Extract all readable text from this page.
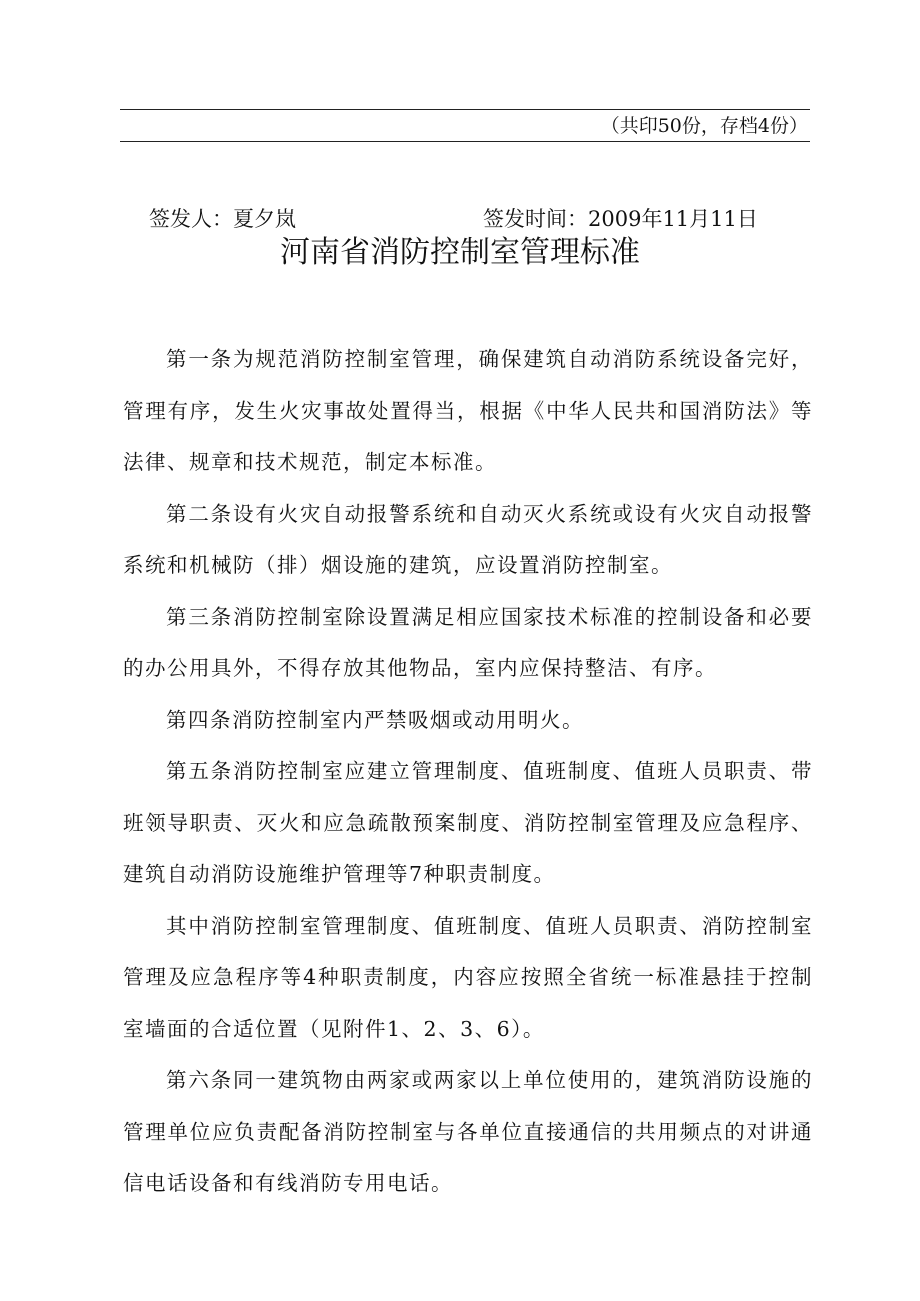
（共印50份，存档4份）
签发人：夏夕岚	签发时间：2009年11月11日
河南省消防控制室管理标准

第一条为规范消防控制室管理，确保建筑自动消防系统设备完好，管理有序，发生火灾事故处置得当，根据《中华人民共和国消防法》等法律、规章和技术规范，制定本标准。

第二条设有火灾自动报警系统和自动灭火系统或设有火灾自动报警系统和机械防（排）烟设施的建筑，应设置消防控制室。

第三条消防控制室除设置满足相应国家技术标准的控制设备和必要的办公用具外，不得存放其他物品，室内应保持整洁、有序。

第四条消防控制室内严禁吸烟或动用明火。

第五条消防控制室应建立管理制度、值班制度、值班人员职责、带班领导职责、灭火和应急疏散预案制度、消防控制室管理及应急程序、建筑自动消防设施维护管理等7种职责制度。

其中消防控制室管理制度、值班制度、值班人员职责、消防控制室管理及应急程序等4种职责制度，内容应按照全省统一标准悬挂于控制室墙面的合适位置（见附件1、2、3、6）。

第六条同一建筑物由两家或两家以上单位使用的，建筑消防设施的管理单位应负责配备消防控制室与各单位直接通信的共用频点的对讲通信电话设备和有线消防专用电话。
